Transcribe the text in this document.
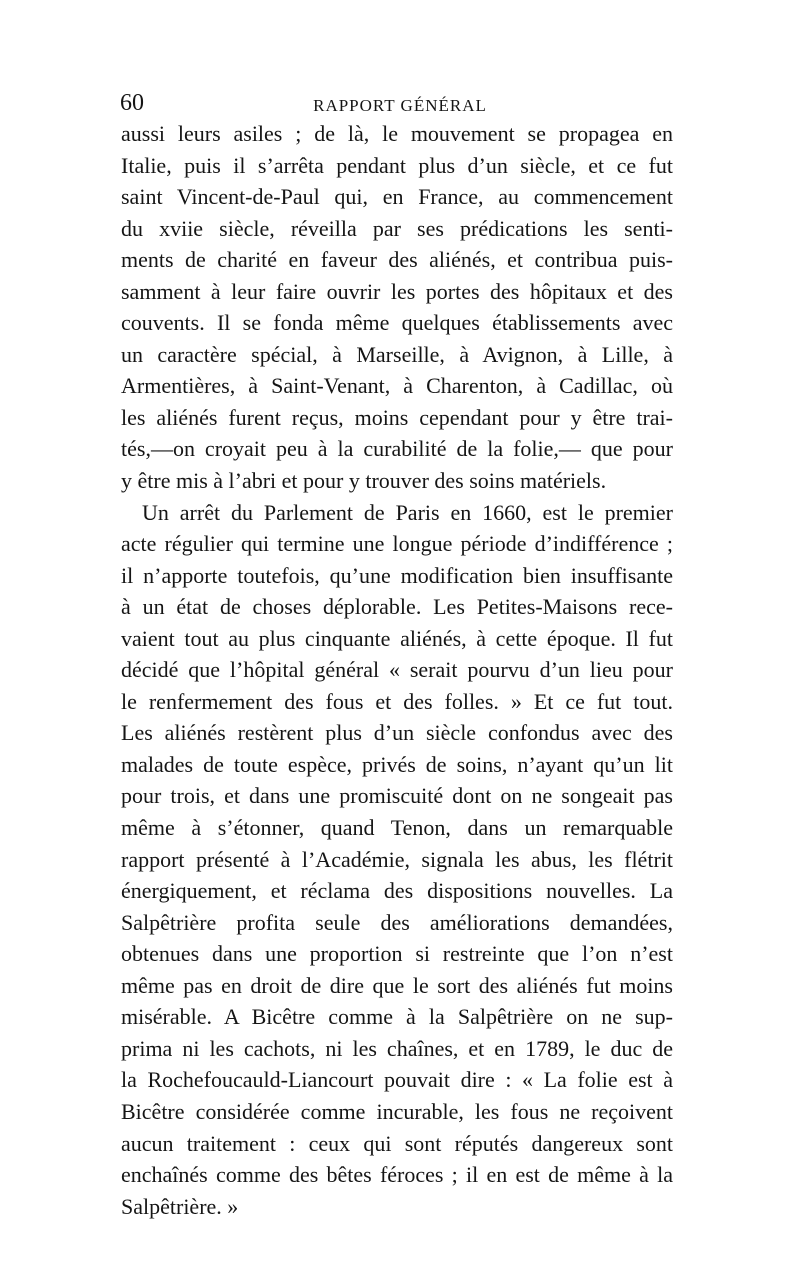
60	RAPPORT GÉNÉRAL
aussi leurs asiles ; de là, le mouvement se propagea en
Italie, puis il s’arrêta pendant plus d’un siècle, et ce fut
saint Vincent-de-Paul qui, en France, au commencement
du xviie siècle, réveilla par ses prédications les senti-
ments de charité en faveur des aliénés, et contribua puis-
samment à leur faire ouvrir les portes des hôpitaux et des
couvents. Il se fonda même quelques établissements avec
un caractère spécial, à Marseille, à Avignon, à Lille, à
Armentières, à Saint-Venant, à Charenton, à Cadillac, où
les aliénés furent reçus, moins cependant pour y être trai-
tés,—on croyait peu à la curabilité de la folie,— que pour
y être mis à l’abri et pour y trouver des soins matériels.
Un arrêt du Parlement de Paris en 1660, est le premier
acte régulier qui termine une longue période d’indifférence ;
il n’apporte toutefois, qu’une modification bien insuffisante
à un état de choses déplorable. Les Petites-Maisons rece-
vaient tout au plus cinquante aliénés, à cette époque. Il fut
décidé que l’hôpital général « serait pourvu d’un lieu pour
le renfermement des fous et des folles. » Et ce fut tout.
Les aliénés restèrent plus d’un siècle confondus avec des
malades de toute espèce, privés de soins, n’ayant qu’un lit
pour trois, et dans une promiscuité dont on ne songeait pas
même à s’étonner, quand Tenon, dans un remarquable
rapport présenté à l’Académie, signala les abus, les flétrit
énergiquement, et réclama des dispositions nouvelles. La
Salpêtrière profita seule des améliorations demandées,
obtenues dans une proportion si restreinte que l’on n’est
même pas en droit de dire que le sort des aliénés fut moins
misérable. A Bicêtre comme à la Salpêtrière on ne sup-
prima ni les cachots, ni les chaînes, et en 1789, le duc de
la Rochefoucauld-Liancourt pouvait dire : « La folie est à
Bicêtre considérée comme incurable, les fous ne reçoivent
aucun traitement : ceux qui sont réputés dangereux sont
enchaînés comme des bêtes féroces ; il en est de même à la
Salpêtrière. »
